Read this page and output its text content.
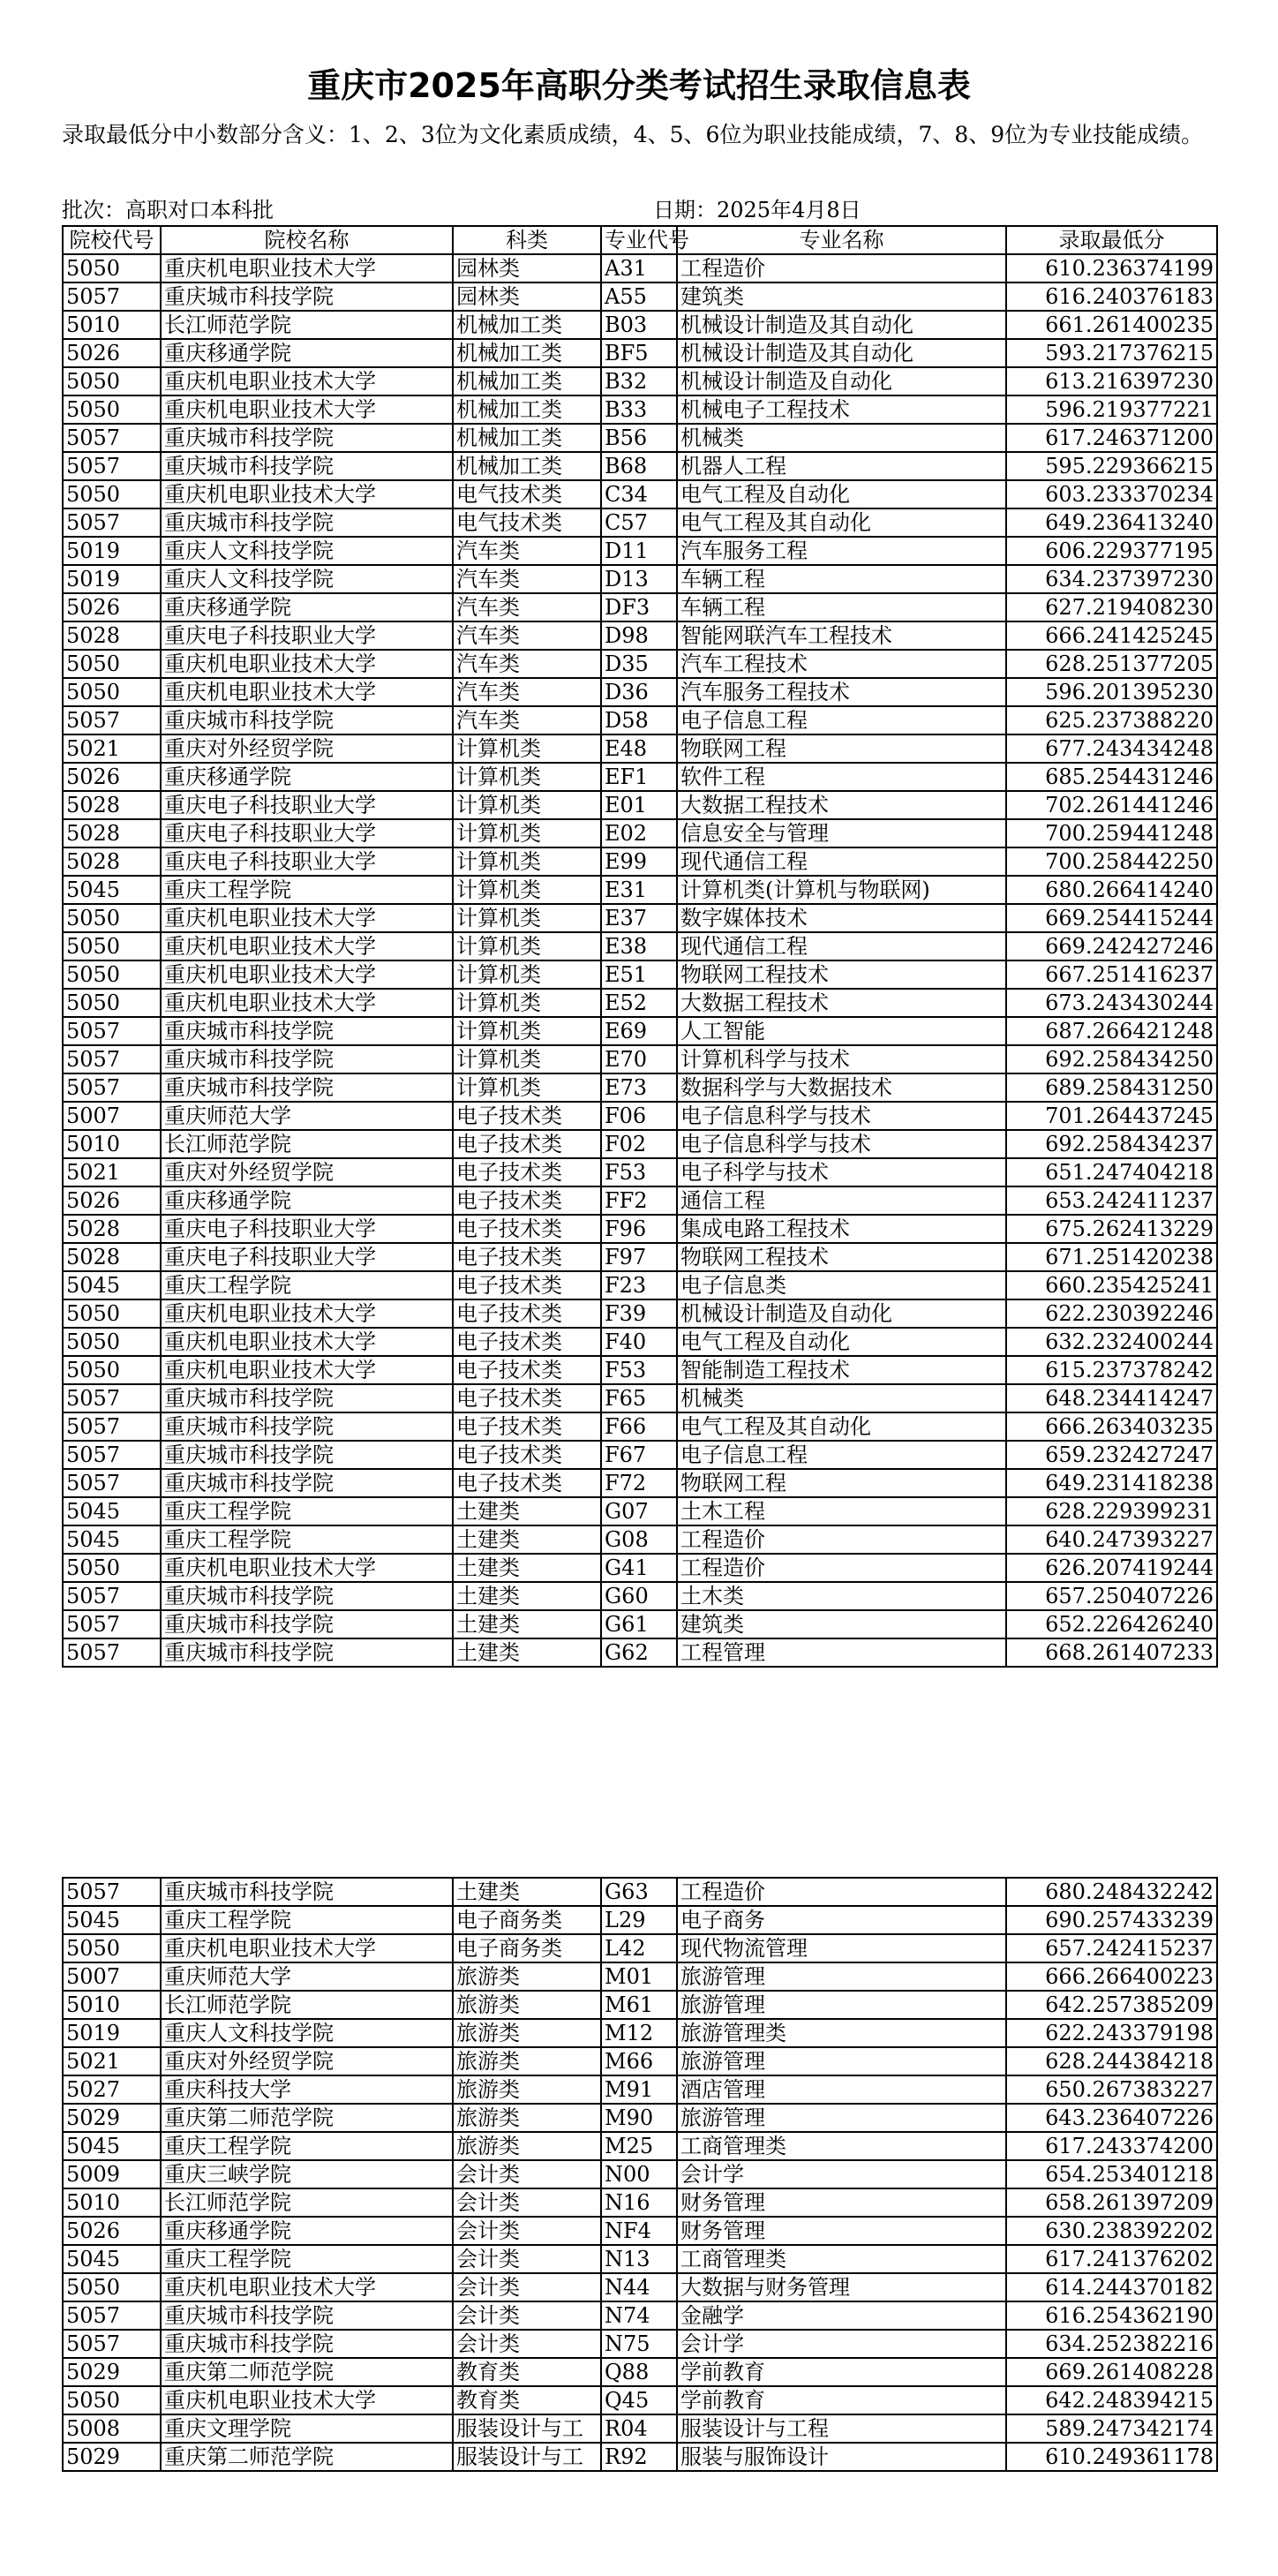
重庆市2025年高职分类考试招生录取信息表
录取最低分中小数部分含义：1、2、3位为文化素质成绩，4、5、6位为职业技能成绩，7、8、9位为专业技能成绩。
批次：高职对口本科批	日期：2025年4月8日
院校代号	院校名称	科类	专业代号	专业名称	录取最低分
5050	重庆机电职业技术大学	园林类	A31	工程造价	610.236374199
5057	重庆城市科技学院	园林类	A55	建筑类	616.240376183
5010	长江师范学院	机械加工类	B03	机械设计制造及其自动化	661.261400235
5026	重庆移通学院	机械加工类	BF5	机械设计制造及其自动化	593.217376215
5050	重庆机电职业技术大学	机械加工类	B32	机械设计制造及自动化	613.216397230
5050	重庆机电职业技术大学	机械加工类	B33	机械电子工程技术	596.219377221
5057	重庆城市科技学院	机械加工类	B56	机械类	617.246371200
5057	重庆城市科技学院	机械加工类	B68	机器人工程	595.229366215
5050	重庆机电职业技术大学	电气技术类	C34	电气工程及自动化	603.233370234
5057	重庆城市科技学院	电气技术类	C57	电气工程及其自动化	649.236413240
5019	重庆人文科技学院	汽车类	D11	汽车服务工程	606.229377195
5019	重庆人文科技学院	汽车类	D13	车辆工程	634.237397230
5026	重庆移通学院	汽车类	DF3	车辆工程	627.219408230
5028	重庆电子科技职业大学	汽车类	D98	智能网联汽车工程技术	666.241425245
5050	重庆机电职业技术大学	汽车类	D35	汽车工程技术	628.251377205
5050	重庆机电职业技术大学	汽车类	D36	汽车服务工程技术	596.201395230
5057	重庆城市科技学院	汽车类	D58	电子信息工程	625.237388220
5021	重庆对外经贸学院	计算机类	E48	物联网工程	677.243434248
5026	重庆移通学院	计算机类	EF1	软件工程	685.254431246
5028	重庆电子科技职业大学	计算机类	E01	大数据工程技术	702.261441246
5028	重庆电子科技职业大学	计算机类	E02	信息安全与管理	700.259441248
5028	重庆电子科技职业大学	计算机类	E99	现代通信工程	700.258442250
5045	重庆工程学院	计算机类	E31	计算机类(计算机与物联网)	680.266414240
5050	重庆机电职业技术大学	计算机类	E37	数字媒体技术	669.254415244
5050	重庆机电职业技术大学	计算机类	E38	现代通信工程	669.242427246
5050	重庆机电职业技术大学	计算机类	E51	物联网工程技术	667.251416237
5050	重庆机电职业技术大学	计算机类	E52	大数据工程技术	673.243430244
5057	重庆城市科技学院	计算机类	E69	人工智能	687.266421248
5057	重庆城市科技学院	计算机类	E70	计算机科学与技术	692.258434250
5057	重庆城市科技学院	计算机类	E73	数据科学与大数据技术	689.258431250
5007	重庆师范大学	电子技术类	F06	电子信息科学与技术	701.264437245
5010	长江师范学院	电子技术类	F02	电子信息科学与技术	692.258434237
5021	重庆对外经贸学院	电子技术类	F53	电子科学与技术	651.247404218
5026	重庆移通学院	电子技术类	FF2	通信工程	653.242411237
5028	重庆电子科技职业大学	电子技术类	F96	集成电路工程技术	675.262413229
5028	重庆电子科技职业大学	电子技术类	F97	物联网工程技术	671.251420238
5045	重庆工程学院	电子技术类	F23	电子信息类	660.235425241
5050	重庆机电职业技术大学	电子技术类	F39	机械设计制造及自动化	622.230392246
5050	重庆机电职业技术大学	电子技术类	F40	电气工程及自动化	632.232400244
5050	重庆机电职业技术大学	电子技术类	F53	智能制造工程技术	615.237378242
5057	重庆城市科技学院	电子技术类	F65	机械类	648.234414247
5057	重庆城市科技学院	电子技术类	F66	电气工程及其自动化	666.263403235
5057	重庆城市科技学院	电子技术类	F67	电子信息工程	659.232427247
5057	重庆城市科技学院	电子技术类	F72	物联网工程	649.231418238
5045	重庆工程学院	土建类	G07	土木工程	628.229399231
5045	重庆工程学院	土建类	G08	工程造价	640.247393227
5050	重庆机电职业技术大学	土建类	G41	工程造价	626.207419244
5057	重庆城市科技学院	土建类	G60	土木类	657.250407226
5057	重庆城市科技学院	土建类	G61	建筑类	652.226426240
5057	重庆城市科技学院	土建类	G62	工程管理	668.261407233
5057	重庆城市科技学院	土建类	G63	工程造价	680.248432242
5045	重庆工程学院	电子商务类	L29	电子商务	690.257433239
5050	重庆机电职业技术大学	电子商务类	L42	现代物流管理	657.242415237
5007	重庆师范大学	旅游类	M01	旅游管理	666.266400223
5010	长江师范学院	旅游类	M61	旅游管理	642.257385209
5019	重庆人文科技学院	旅游类	M12	旅游管理类	622.243379198
5021	重庆对外经贸学院	旅游类	M66	旅游管理	628.244384218
5027	重庆科技大学	旅游类	M91	酒店管理	650.267383227
5029	重庆第二师范学院	旅游类	M90	旅游管理	643.236407226
5045	重庆工程学院	旅游类	M25	工商管理类	617.243374200
5009	重庆三峡学院	会计类	N00	会计学	654.253401218
5010	长江师范学院	会计类	N16	财务管理	658.261397209
5026	重庆移通学院	会计类	NF4	财务管理	630.238392202
5045	重庆工程学院	会计类	N13	工商管理类	617.241376202
5050	重庆机电职业技术大学	会计类	N44	大数据与财务管理	614.244370182
5057	重庆城市科技学院	会计类	N74	金融学	616.254362190
5057	重庆城市科技学院	会计类	N75	会计学	634.252382216
5029	重庆第二师范学院	教育类	Q88	学前教育	669.261408228
5050	重庆机电职业技术大学	教育类	Q45	学前教育	642.248394215
5008	重庆文理学院	服装设计与工	R04	服装设计与工程	589.247342174
5029	重庆第二师范学院	服装设计与工	R92	服装与服饰设计	610.249361178
